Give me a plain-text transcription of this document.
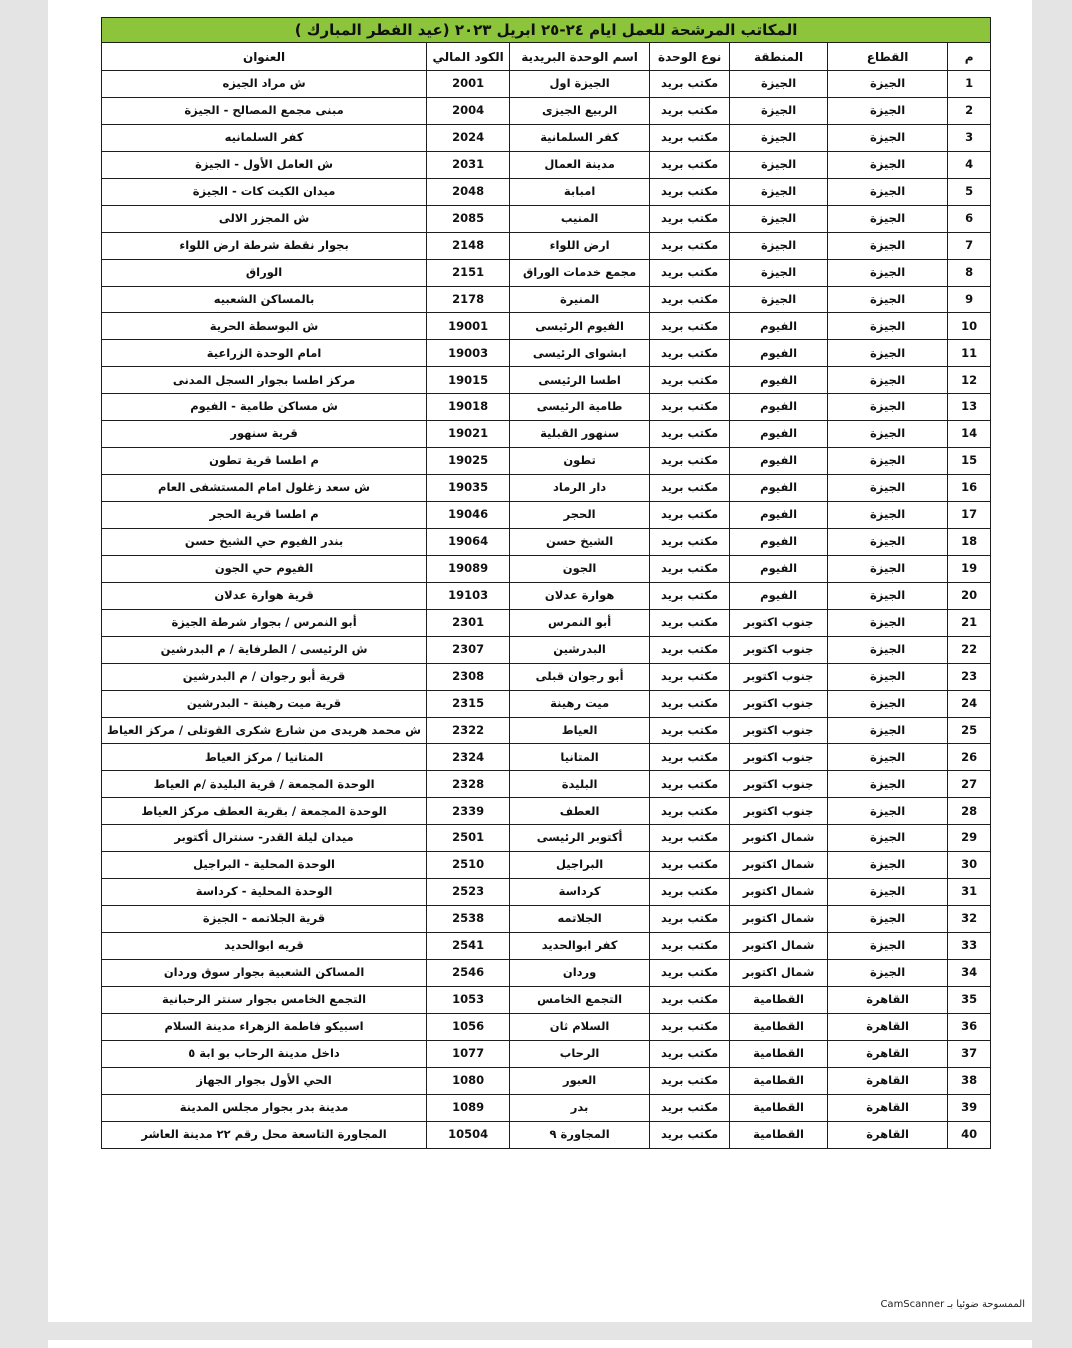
المكاتب المرشحة للعمل ايام ٢٤-٢٥ ابريل ٢٠٢٣ (عيد الفطر المبارك )						
م	القطاع	المنطقة	نوع الوحدة	اسم الوحدة البريدية	الكود المالي	العنوان
1	الجيزة	الجيزة	مكتب بريد	الجيزة اول	2001	ش مراد الجيزه
2	الجيزة	الجيزة	مكتب بريد	الربيع الجيزى	2004	مبنى مجمع المصالح - الجيزة
3	الجيزة	الجيزة	مكتب بريد	كفر السلمانية	2024	كفر السلمانيه
4	الجيزة	الجيزة	مكتب بريد	مدينة العمال	2031	ش العامل الأول - الجيزة
5	الجيزة	الجيزة	مكتب بريد	امبابة	2048	ميدان الكيت كات - الجيزة
6	الجيزة	الجيزة	مكتب بريد	المنيب	2085	ش المجزر الالى
7	الجيزة	الجيزة	مكتب بريد	ارض اللواء	2148	بجوار نقطة شرطة ارض اللواء
8	الجيزة	الجيزة	مكتب بريد	مجمع خدمات الوراق	2151	الوراق
9	الجيزة	الجيزة	مكتب بريد	المنيرة	2178	بالمساكن الشعبيه
10	الجيزة	الفيوم	مكتب بريد	الفيوم الرئيسى	19001	ش البوسطة الحرية
11	الجيزة	الفيوم	مكتب بريد	ابشواى الرئيسى	19003	امام الوحدة الزراعية
12	الجيزة	الفيوم	مكتب بريد	اطسا الرئيسى	19015	مركز اطسا بجوار السجل المدنى
13	الجيزة	الفيوم	مكتب بريد	طامية الرئيسى	19018	ش مساكن طامية - الفيوم
14	الجيزة	الفيوم	مكتب بريد	سنهور القبلية	19021	قرية سنهور
15	الجيزة	الفيوم	مكتب بريد	تطون	19025	م اطسا قرية تطون
16	الجيزة	الفيوم	مكتب بريد	دار الرماد	19035	ش سعد زغلول امام المستشفى العام
17	الجيزة	الفيوم	مكتب بريد	الحجر	19046	م اطسا قرية الحجر
18	الجيزة	الفيوم	مكتب بريد	الشيخ حسن	19064	بندر الفيوم حي الشيخ حسن
19	الجيزة	الفيوم	مكتب بريد	الجون	19089	الفيوم حي الجون
20	الجيزة	الفيوم	مكتب بريد	هوارة عدلان	19103	قرية هوارة عدلان
21	الجيزة	جنوب اكتوبر	مكتب بريد	أبو النمرس	2301	أبو النمرس / بجوار شرطة الجيزة
22	الجيزة	جنوب اكتوبر	مكتب بريد	البدرشين	2307	ش الرئيسى / الطرفاية / م البدرشين
23	الجيزة	جنوب اكتوبر	مكتب بريد	أبو رجوان قبلى	2308	قرية أبو رجوان / م البدرشين
24	الجيزة	جنوب اكتوبر	مكتب بريد	ميت رهينة	2315	قرية ميت رهينة - البدرشين
25	الجيزة	جنوب اكتوبر	مكتب بريد	العياط	2322	ش محمد هريدى من شارع شكرى القوتلى / مركز العياط
26	الجيزة	جنوب اكتوبر	مكتب بريد	المتانيا	2324	المتانيا / مركز العياط
27	الجيزة	جنوب اكتوبر	مكتب بريد	البليدة	2328	الوحدة المجمعة / قرية البليدة /م العياط
28	الجيزة	جنوب اكتوبر	مكتب بريد	العطف	2339	الوحدة المجمعة / بقرية العطف مركز العياط
29	الجيزة	شمال اكتوبر	مكتب بريد	أكتوبر الرئيسى	2501	ميدان ليلة القدر- سنترال أكتوبر
30	الجيزة	شمال اكتوبر	مكتب بريد	البراجيل	2510	الوحدة المحلية - البراجيل
31	الجيزة	شمال اكتوبر	مكتب بريد	كرداسة	2523	الوحدة المحلية - كرداسة
32	الجيزة	شمال اكتوبر	مكتب بريد	الجلاتمه	2538	قرية الجلاتمه - الجيزة
33	الجيزة	شمال اكتوبر	مكتب بريد	كفر ابوالحديد	2541	قريه ابوالحديد
34	الجيزة	شمال اكتوبر	مكتب بريد	وردان	2546	المساكن الشعبية بجوار سوق وردان
35	القاهرة	القطامية	مكتب بريد	التجمع الخامس	1053	التجمع الخامس بجوار سنتر الرحبانية
36	القاهرة	القطامية	مكتب بريد	السلام ثان	1056	اسبيكو فاطمة الزهراء مدينة السلام
37	القاهرة	القطامية	مكتب بريد	الرحاب	1077	داخل مدينة الرحاب بو ابة ٥
38	القاهرة	القطامية	مكتب بريد	العبور	1080	الحي الأول بجوار الجهاز
39	القاهرة	القطامية	مكتب بريد	بدر	1089	مدينة بدر بجوار مجلس المدينة
40	القاهرة	القطامية	مكتب بريد	المجاورة ٩	10504	المجاورة التاسعة محل رقم ٢٢ مدينة العاشر
الممسوحة ضوئيا بـ CamScanner
